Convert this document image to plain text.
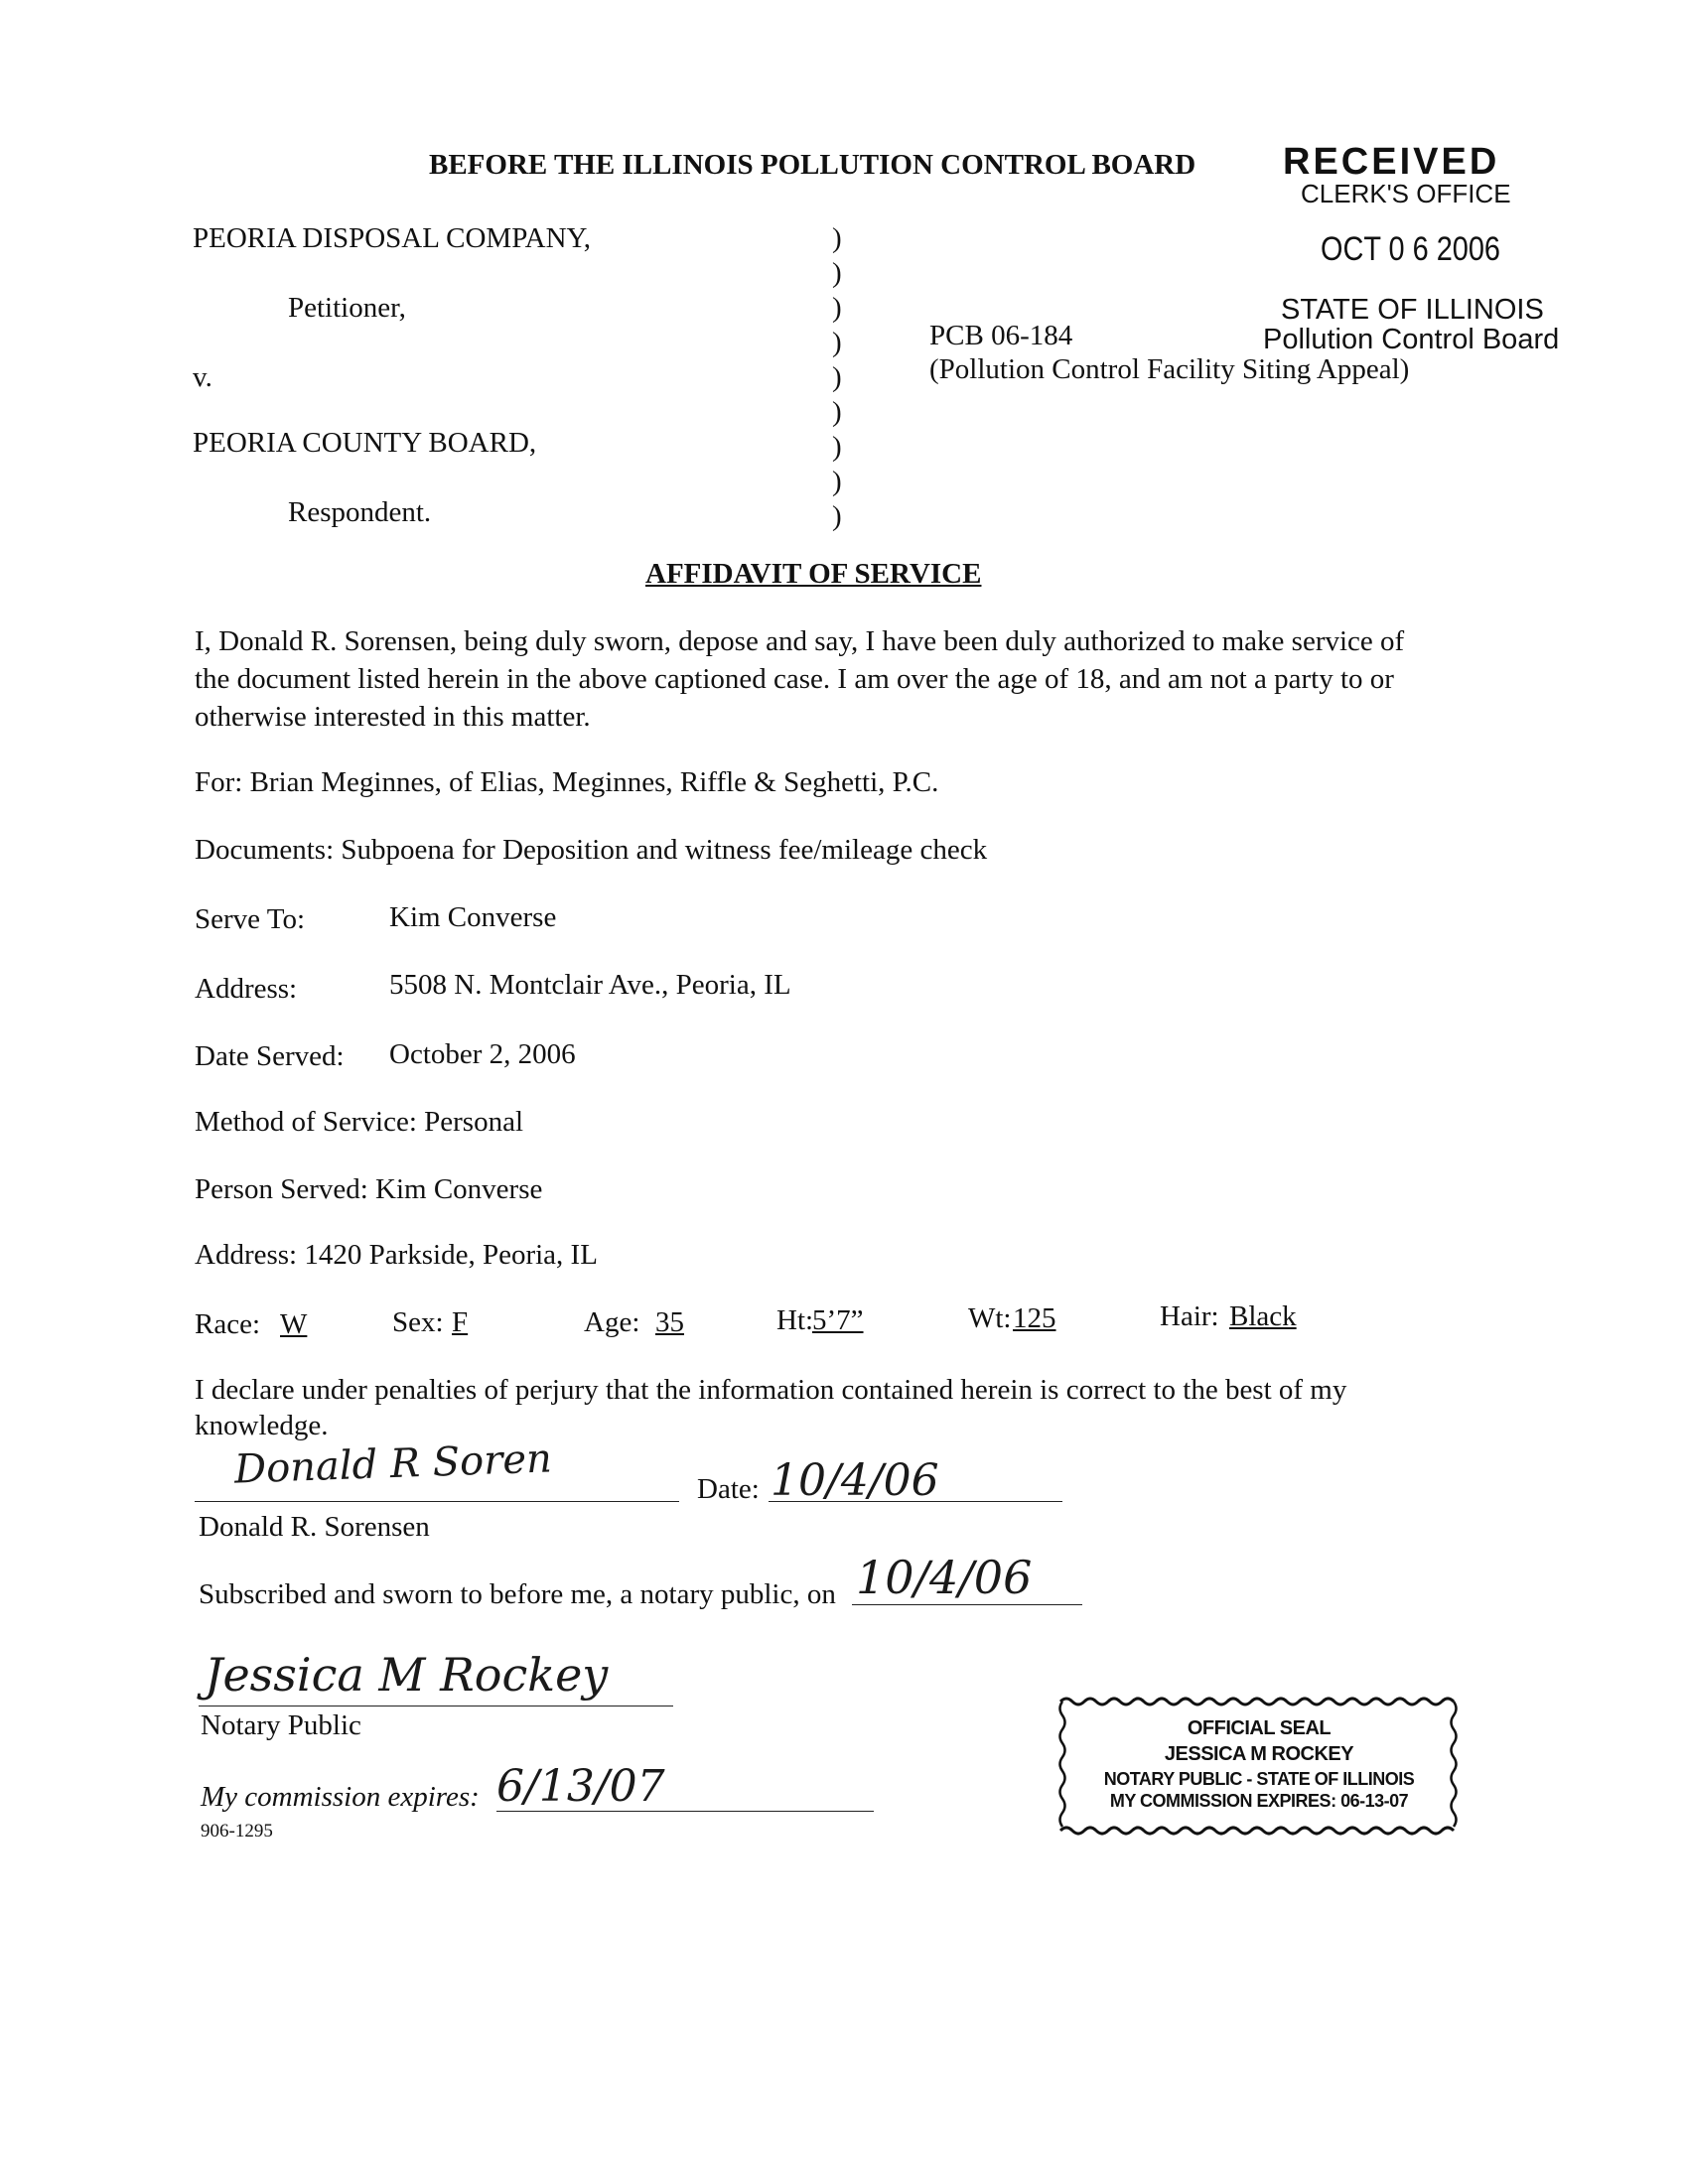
BEFORE THE ILLINOIS POLLUTION CONTROL BOARD RECEIVED
CLERK'S OFFICE
OCT 0 6 2006
STATE OF ILLINOIS
Pollution Control Board
PEORIA DISPOSAL COMPANY,
Petitioner,
v.
PEORIA COUNTY BOARD,
Respondent.
)
)
)
)
)
)
)
)
)
PCB 06-184
(Pollution Control Facility Siting Appeal)
AFFIDAVIT OF SERVICE
I, Donald R. Sorensen, being duly sworn, depose and say, I have been duly authorized to make service of
the document listed herein in the above captioned case. I am over the age of 18, and am not a party to or
otherwise interested in this matter.
For: Brian Meginnes, of Elias, Meginnes, Riffle & Seghetti, P.C.
Documents: Subpoena for Deposition and witness fee/mileage check
Serve To:	Kim Converse
Address:	5508 N. Montclair Ave., Peoria, IL
Date Served: October 2, 2006
Method of Service: Personal
Person Served: Kim Converse
Address: 1420 Parkside, Peoria, IL
Race: W	Sex: F	Age: 35	Ht:
5’7”	Wt: 125	Hair: Black
I declare under penalties of perjury that the information contained herein is correct to the best of my
knowledge.
Donald R Soren	Date: 10/4/06
Donald R. Sorensen
Subscribed and sworn to before me, a notary public, on 10/4/06
Jessica M Rockey
Notary Public
My commission expires: 6/13/07
906-1295
OFFICIAL SEAL
JESSICA M ROCKEY
NOTARY PUBLIC - STATE OF ILLINOIS
MY COMMISSION EXPIRES: 06-13-07
